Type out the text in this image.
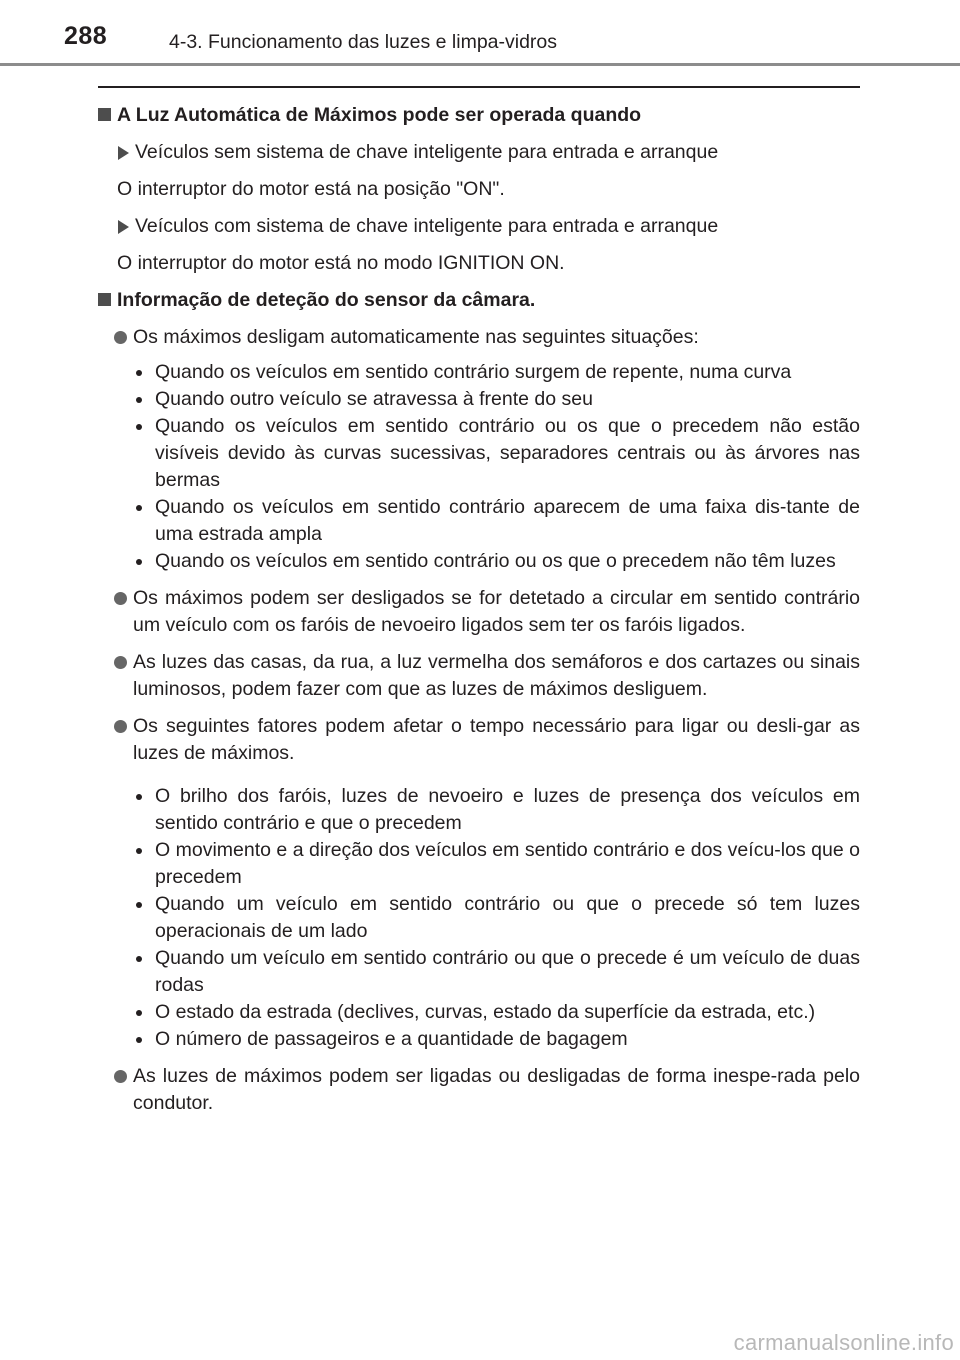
288	4-3. Funcionamento das luzes e limpa-vidros
A Luz Automática de Máximos pode ser operada quando
Veículos sem sistema de chave inteligente para entrada e arranque
O interruptor do motor está na posição "ON".
Veículos com sistema de chave inteligente para entrada e arranque
O interruptor do motor está no modo IGNITION ON.
Informação de deteção do sensor da câmara.
Os máximos desligam automaticamente nas seguintes situações:
Quando os veículos em sentido contrário surgem de repente, numa curva
Quando outro veículo se atravessa à frente do seu
Quando os veículos em sentido contrário ou os que o precedem não estão visíveis devido às curvas sucessivas, separadores centrais ou às árvores nas bermas
Quando os veículos em sentido contrário aparecem de uma faixa dis-tante de uma estrada ampla
Quando os veículos em sentido contrário ou os que o precedem não têm luzes
Os máximos podem ser desligados se for detetado a circular em sentido contrário um veículo com os faróis de nevoeiro ligados sem ter os faróis ligados.
As luzes das casas, da rua, a luz vermelha dos semáforos e dos cartazes ou sinais luminosos, podem fazer com que as luzes de máximos desliguem.
Os seguintes fatores podem afetar o tempo necessário para ligar ou desli-gar as luzes de máximos.
O brilho dos faróis, luzes de nevoeiro e luzes de presença dos veículos em sentido contrário e que o precedem
O movimento e a direção dos veículos em sentido contrário e dos veícu-los que o precedem
Quando um veículo em sentido contrário ou que o precede só tem luzes operacionais de um lado
Quando um veículo em sentido contrário ou que o precede é um veículo de duas rodas
O estado da estrada (declives, curvas, estado da superfície da estrada, etc.)
O número de passageiros e a quantidade de bagagem
As luzes de máximos podem ser ligadas ou desligadas de forma inespe-rada pelo condutor.
carmanualsonline.info
